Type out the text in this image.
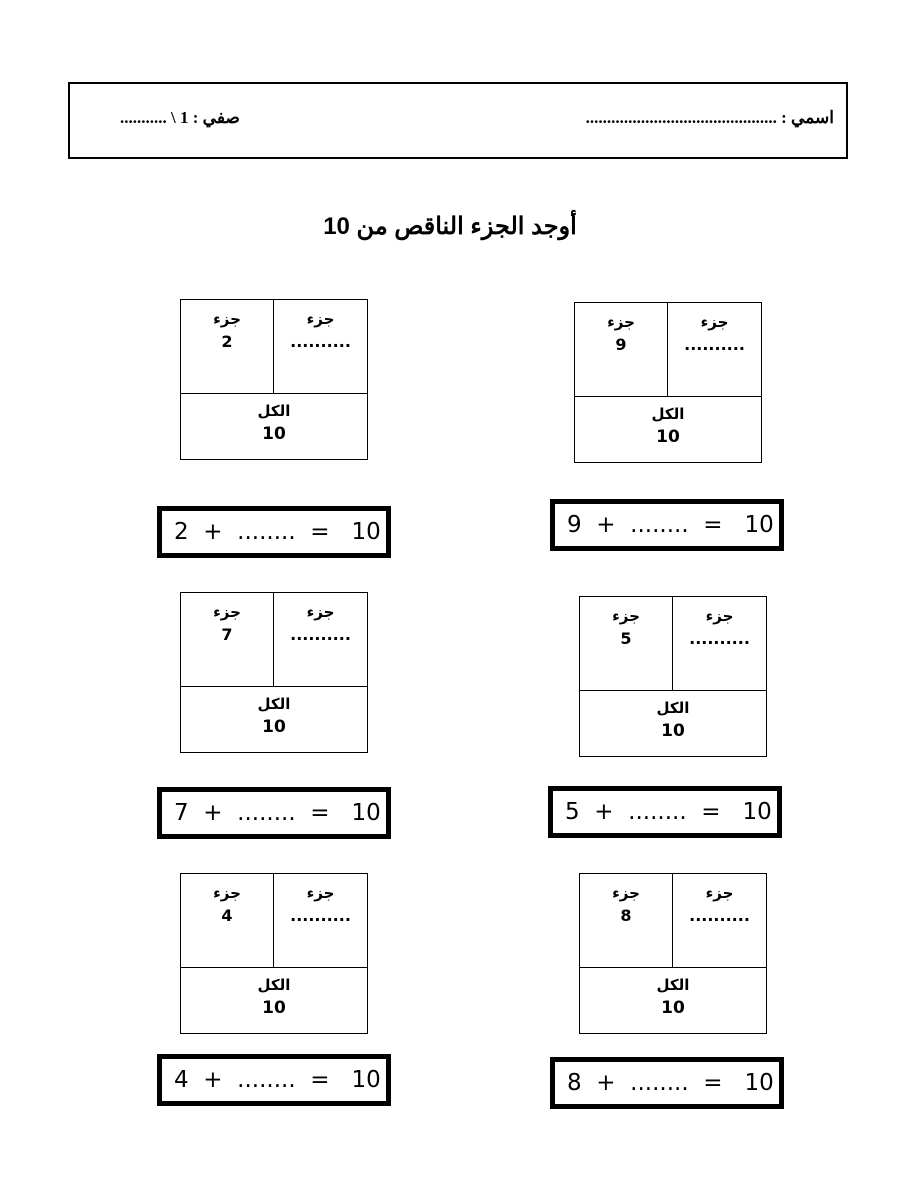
اسمي : .............................................
صفي : 1 \ ...........
أوجد الجزء الناقص من 10
جزء
9
جزء
..........
الكل
10
9  +  ........  =   10
جزء
2
جزء
..........
الكل
10
2  +  ........  =   10
جزء
5
جزء
..........
الكل
10
5  +  ........  =   10
جزء
7
جزء
..........
الكل
10
7  +  ........  =   10
جزء
8
جزء
..........
الكل
10
8  +  ........  =   10
جزء
4
جزء
..........
الكل
10
4  +  ........  =   10
